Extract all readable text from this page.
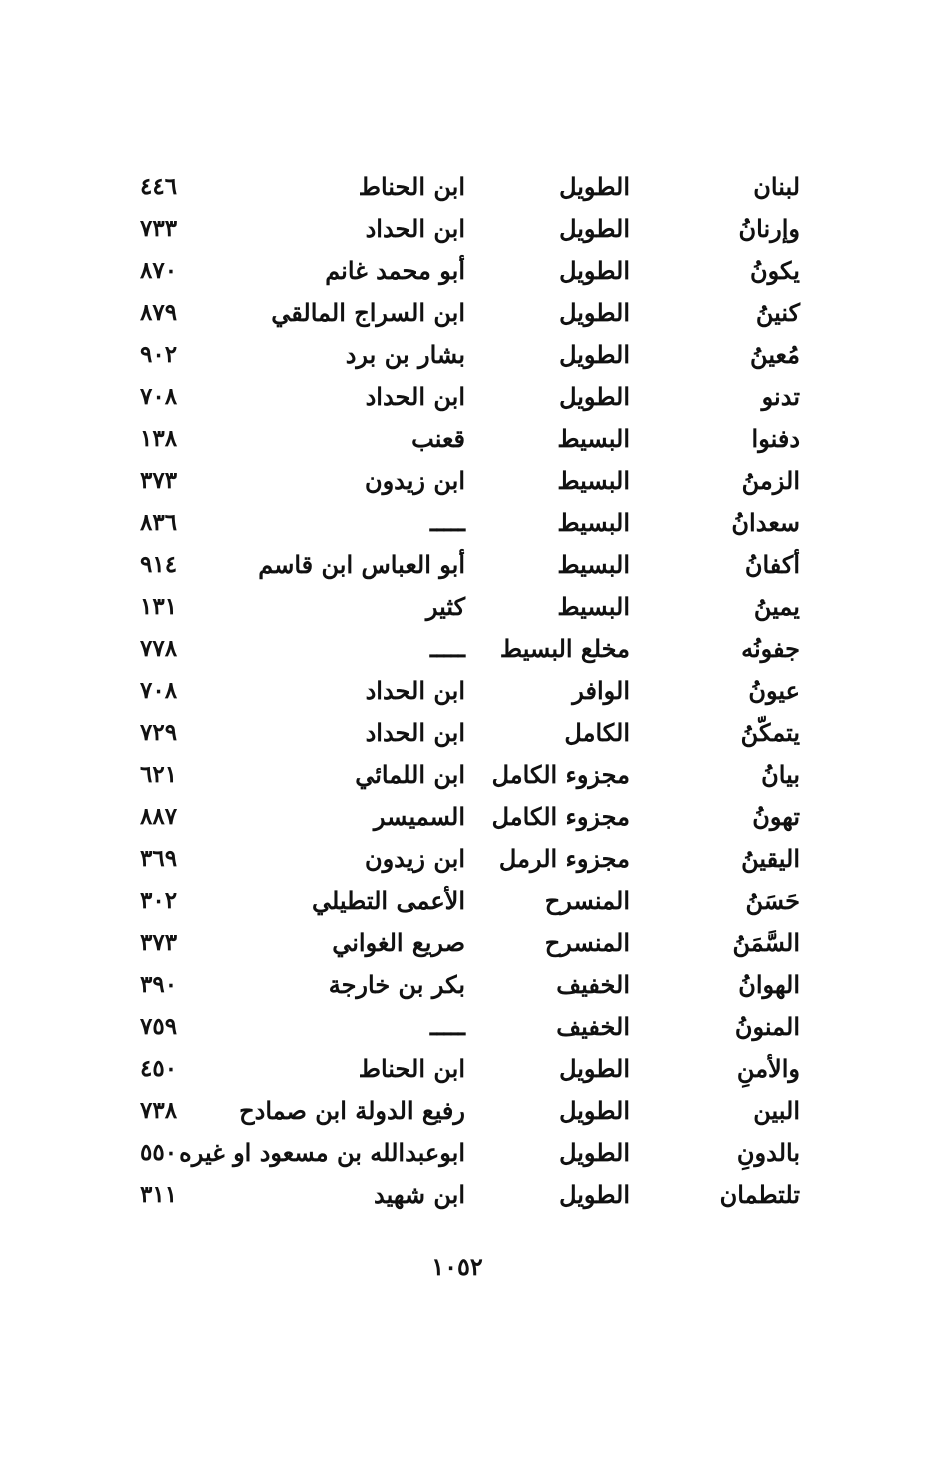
لبنان
الطويل
ابن الحناط
٤٤٦
وإرنانُ
الطويل
ابن الحداد
٧٣٣
يكونُ
الطويل
أبو محمد غانم
٨٧٠
كنينُ
الطويل
ابن السراج المالقي
٨٧٩
مُعينُ
الطويل
بشار بن برد
٩٠٢
تدنو
الطويل
ابن الحداد
٧٠٨
دفنوا
البسيط
قعنب
١٣٨
الزمنُ
البسيط
ابن زيدون
٣٧٣
سعدانُ
البسيط
ـــــ
٨٣٦
أكفانُ
البسيط
أبو العباس ابن قاسم
٩١٤
يمينُ
البسيط
كثير
١٣١
جفونُه
مخلع البسيط
ـــــ
٧٧٨
عيونُ
الوافر
ابن الحداد
٧٠٨
يتمكّنُ
الكامل
ابن الحداد
٧٢٩
بيانُ
مجزوء الكامل
ابن اللمائي
٦٢١
تهونُ
مجزوء الكامل
السميسر
٨٨٧
اليقينُ
مجزوء الرمل
ابن زيدون
٣٦٩
حَسَنُ
المنسرح
الأعمى التطيلي
٣٠٢
السَّمَنُ
المنسرح
صريع الغواني
٣٧٣
الهوانُ
الخفيف
بكر بن خارجة
٣٩٠
المنونُ
الخفيف
ـــــ
٧٥٩
والأمنِ
الطويل
ابن الحناط
٤٥٠
البين
الطويل
رفيع الدولة ابن صمادح
٧٣٨
بالدونِ
الطويل
ابوعبدالله بن مسعود او غيره
٥٥٠
تلتطمان
الطويل
ابن شهيد
٣١١
١٠٥٢
